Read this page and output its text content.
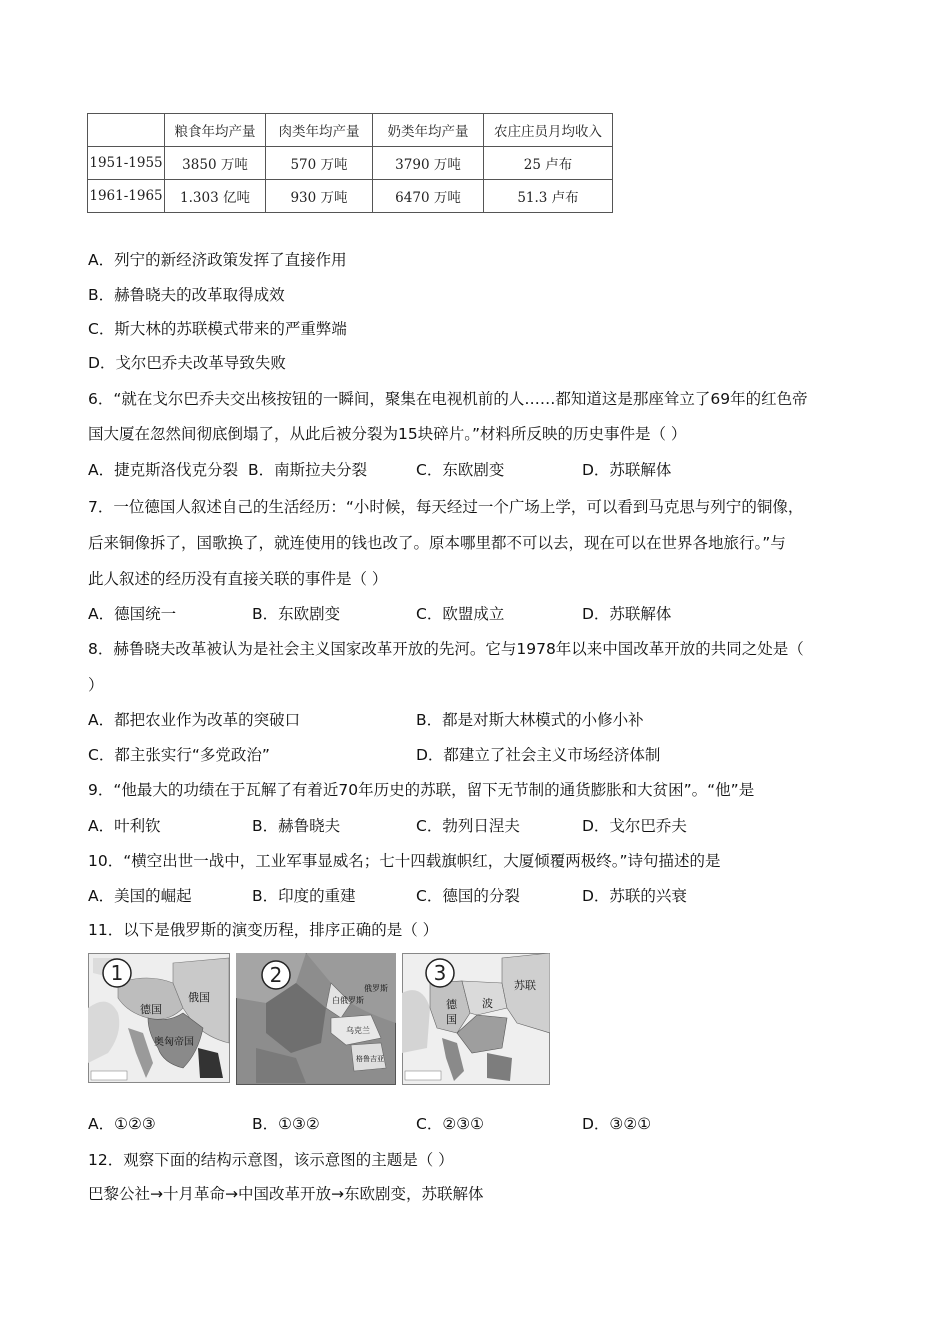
	粮食年均产量	肉类年均产量	奶类年均产量	农庄庄员月均收入
1951-1955	3850 万吨	570 万吨	3790 万吨	25 卢布
1961-1965	1.303 亿吨	930 万吨	6470 万吨	51.3 卢布
A．列宁的新经济政策发挥了直接作用
B．赫鲁晓夫的改革取得成效
C．斯大林的苏联模式带来的严重弊端
D．戈尔巴乔夫改革导致失败
6．“就在戈尔巴乔夫交出核按钮的一瞬间，聚集在电视机前的人……都知道这是那座耸立了69年的红色帝
国大厦在忽然间彻底倒塌了，从此后被分裂为15块碎片。”材料所反映的历史事件是（ ）
A．捷克斯洛伐克分裂 B．南斯拉夫分裂	C．东欧剧变	D．苏联解体
7．一位德国人叙述自己的生活经历：“小时候，每天经过一个广场上学，可以看到马克思与列宁的铜像，
后来铜像拆了，国歌换了，就连使用的钱也改了。原本哪里都不可以去，现在可以在世界各地旅行。”与
此人叙述的经历没有直接关联的事件是（ ）
A．德国统一	B．东欧剧变	C．欧盟成立	D．苏联解体
8．赫鲁晓夫改革被认为是社会主义国家改革开放的先河。它与1978年以来中国改革开放的共同之处是（
）
A．都把农业作为改革的突破口	B．都是对斯大林模式的小修小补
C．都主张实行“多党政治”	D．都建立了社会主义市场经济体制
9．“他最大的功绩在于瓦解了有着近70年历史的苏联，留下无节制的通货膨胀和大贫困”。“他”是
A．叶利钦	B．赫鲁晓夫	C．勃列日涅夫	D．戈尔巴乔夫
10．“横空出世一战中，工业军事显威名；七十四载旗帜红，大厦倾覆两极终。”诗句描述的是
A．美国的崛起	B．印度的重建	C．德国的分裂	D．苏联的兴衰
11．以下是俄罗斯的演变历程，排序正确的是（ ）
1
德国
俄国
奥匈帝国
2
俄罗斯
白俄罗斯
乌克兰
格鲁吉亚
3
德
国
苏联
波
A．①②③	B．①③②	C．②③①	D．③②①
12．观察下面的结构示意图，该示意图的主题是（ ）
巴黎公社→十月革命→中国改革开放→东欧剧变，苏联解体
